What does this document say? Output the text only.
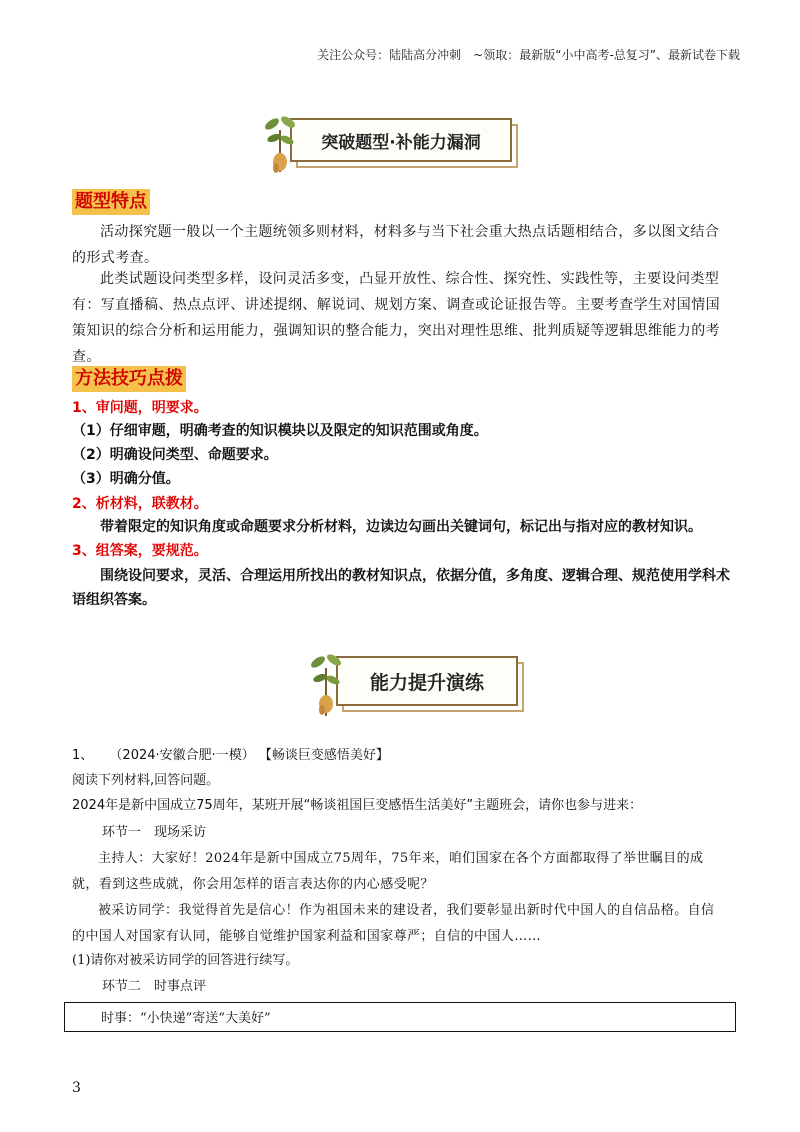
关注公众号：陆陆高分冲刺　~领取：最新版“小中高考-总复习”、最新试卷下载
突破题型·补能力漏洞
题型特点
活动探究题一般以一个主题统领多则材料，材料多与当下社会重大热点话题相结合，多以图文结合的形式考查。
此类试题设问类型多样，设问灵活多变，凸显开放性、综合性、探究性、实践性等，主要设问类型有：写直播稿、热点点评、讲述提纲、解说词、规划方案、调查或论证报告等。主要考查学生对国情国策知识的综合分析和运用能力，强调知识的整合能力，突出对理性思维、批判质疑等逻辑思维能力的考查。
方法技巧点拨
1、审问题，明要求。
（1）仔细审题，明确考查的知识模块以及限定的知识范围或角度。
（2）明确设问类型、命题要求。
（3）明确分值。
2、析材料，联教材。
带着限定的知识角度或命题要求分析材料，边读边勾画出关键词句，标记出与指对应的教材知识。
3、组答案，要规范。
围绕设问要求，灵活、合理运用所找出的教材知识点，依据分值，多角度、逻辑合理、规范使用学科术语组织答案。
能力提升演练
1、 （2024·安徽合肥·一模） 【畅谈巨变感悟美好】
阅读下列材料,回答问题。
2024年是新中国成立75周年，某班开展“畅谈祖国巨变感悟生活美好”主题班会，请你也参与进来：
环节一　现场采访
主持人：大家好！2024年是新中国成立75周年，75年来，咱们国家在各个方面都取得了举世瞩目的成就，看到这些成就，你会用怎样的语言表达你的内心感受呢？
被采访同学：我觉得首先是信心！作为祖国未来的建设者，我们要彰显出新时代中国人的自信品格。自信的中国人对国家有认同，能够自觉维护国家利益和国家尊严；自信的中国人……
(1)请你对被采访同学的回答进行续写。
环节二　时事点评
时事：“小快递”寄送“大美好”
3
